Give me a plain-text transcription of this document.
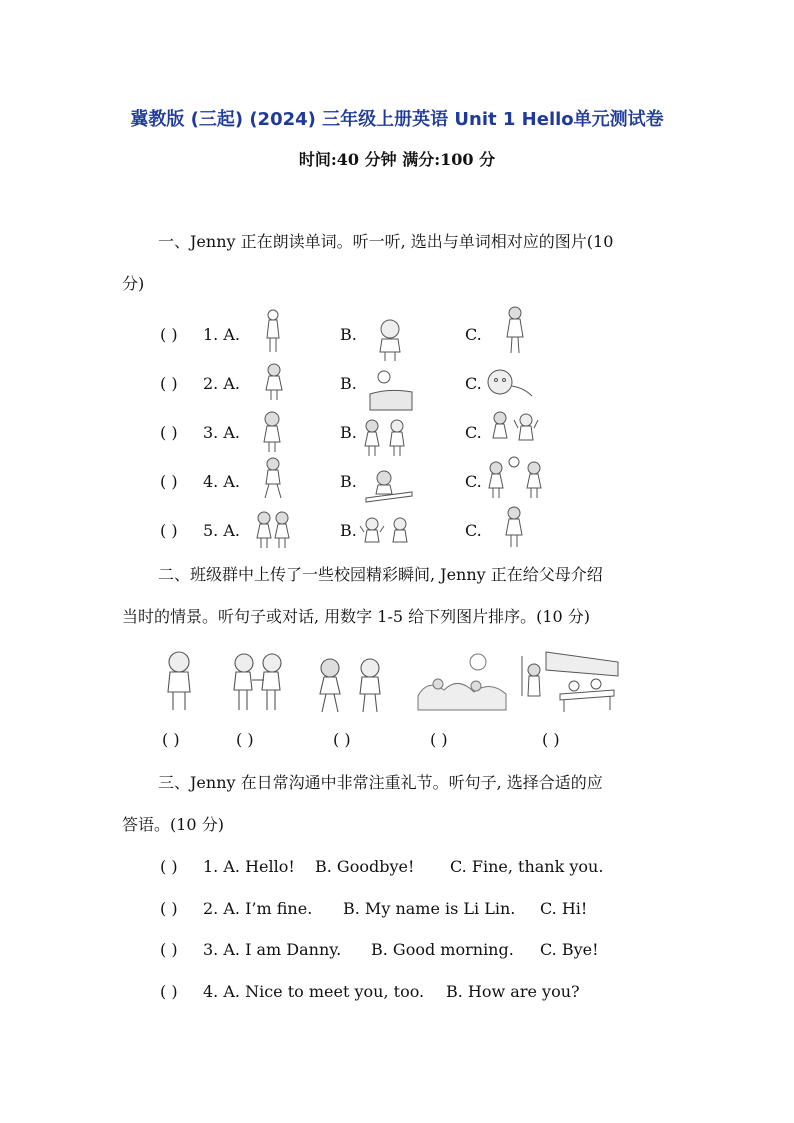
冀教版 (三起) (2024) 三年级上册英语 Unit 1 Hello单元测试卷
时间:40 分钟 满分:100 分
一、Jenny 正在朗读单词。听一听, 选出与单词相对应的图片(10
分)
( ) 1. A.	B.	C.
( ) 2. A.	B.	C.
( ) 3. A.	B.	C.
( ) 4. A.	B.	C.
( ) 5. A.	B.	C.
二、班级群中上传了一些校园精彩瞬间, Jenny 正在给父母介绍
当时的情景。听句子或对话, 用数字 1-5 给下列图片排序。(10 分)
( )	( )	( )	( )	( )
三、Jenny 在日常沟通中非常注重礼节。听句子, 选择合适的应
答语。(10 分)
( ) 1. A. Hello! B. Goodbye! C. Fine, thank you.
( ) 2. A. I’m fine. B. My name is Li Lin. C. Hi!
( ) 3. A. I am Danny. B. Good morning. C. Bye!
( ) 4. A. Nice to meet you, too. B. How are you?
